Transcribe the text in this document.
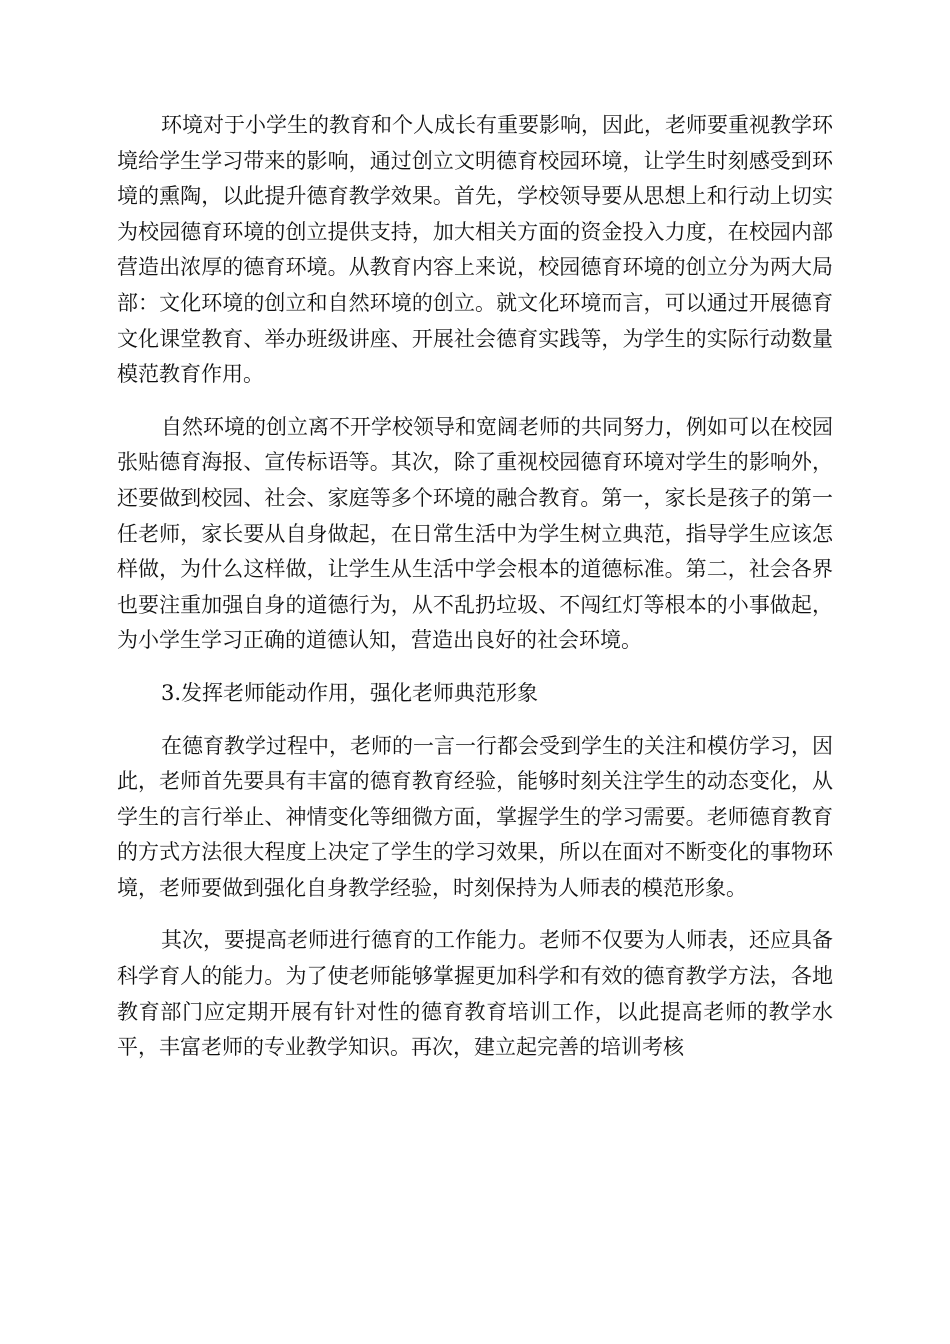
环境对于小学生的教育和个人成长有重要影响，因此，老师要重视教学环境给学生学习带来的影响，通过创立文明德育校园环境，让学生时刻感受到环境的熏陶，以此提升德育教学效果。首先，学校领导要从思想上和行动上切实为校园德育环境的创立提供支持，加大相关方面的资金投入力度，在校园内部营造出浓厚的德育环境。从教育内容上来说，校园德育环境的创立分为两大局部：文化环境的创立和自然环境的创立。就文化环境而言，可以通过开展德育文化课堂教育、举办班级讲座、开展社会德育实践等，为学生的实际行动数量模范教育作用。

自然环境的创立离不开学校领导和宽阔老师的共同努力，例如可以在校园张贴德育海报、宣传标语等。其次，除了重视校园德育环境对学生的影响外，还要做到校园、社会、家庭等多个环境的融合教育。第一，家长是孩子的第一任老师，家长要从自身做起，在日常生活中为学生树立典范，指导学生应该怎样做，为什么这样做，让学生从生活中学会根本的道德标准。第二，社会各界也要注重加强自身的道德行为，从不乱扔垃圾、不闯红灯等根本的小事做起，为小学生学习正确的道德认知，营造出良好的社会环境。

3.发挥老师能动作用，强化老师典范形象

在德育教学过程中，老师的一言一行都会受到学生的关注和模仿学习，因此，老师首先要具有丰富的德育教育经验，能够时刻关注学生的动态变化，从学生的言行举止、神情变化等细微方面，掌握学生的学习需要。老师德育教育的方式方法很大程度上决定了学生的学习效果，所以在面对不断变化的事物环境，老师要做到强化自身教学经验，时刻保持为人师表的模范形象。

其次，要提高老师进行德育的工作能力。老师不仅要为人师表，还应具备科学育人的能力。为了使老师能够掌握更加科学和有效的德育教学方法，各地教育部门应定期开展有针对性的德育教育培训工作，以此提高老师的教学水平，丰富老师的专业教学知识。再次，建立起完善的培训考核
